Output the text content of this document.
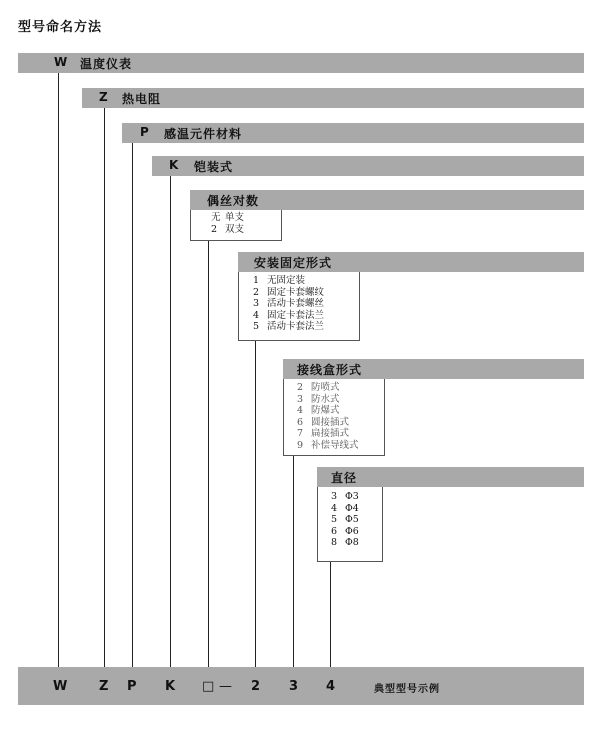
型号命名方法
W 温度仪表
Z 热电阻
P 感温元件材料
K 铠装式
偶丝对数
无 单支
2 双支
安装固定形式
1 无固定装
2 固定卡套螺纹
3 活动卡套螺丝
4 固定卡套法兰
5 活动卡套法兰
接线盒形式
2 防喷式
3 防水式
4 防爆式
6 圆接插式
7 扁接插式
9 补偿导线式
直径
3 Φ3
4 Φ4
5 Φ5
6 Φ6
8 Φ8
W Z P K □ — 2 3 4	典型型号示例
